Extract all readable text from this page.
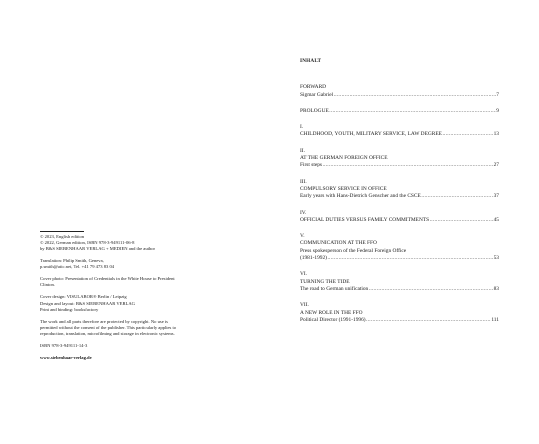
© 2023, English edition
© 2022, German edition, ISBN 978-3-949111-06-8
by B&S SIEBENHAAR VERLAG + MEDIEN and the author
Translation: Philip Smith, Geneva,
p.smith@atic.net, Tel. +41 79 473 83 04
Cover photo: Presentation of Credentials in the White House to President
Clinton.
Cover design: VISULABOR® Berlin / Leipzig
Design and layout: B&S SIEBENHAAR VERLAG
Print and binding: booksfactory
The work and all parts therefore are protected by copyright. No use is
permitted without the consent of the publisher. This particularly applies to
reproduction, translation, microfilming and storage in electronic systems.
ISBN 978-3-949111-14-3
www.siebenhaar-verlag.de
INHALT
FORWARD
Sigmar Gabriel .....	7
PROLOGUE .....	9
I.
CHILDHOOD, YOUTH, MILITARY SERVICE, LAW DEGREE .....	13
II.
AT THE GERMAN FOREIGN OFFICE
First steps .....	27
III.
COMPULSORY SERVICE IN OFFICE
Early years with Hans-Dietrich Genscher and the CSCE .....	37
IV.
OFFICIAL DUTIES VERSUS FAMILY COMMITMENTS .....	45
V.
COMMUNICATION AT THE FFO
Press spokesperson of the Federal Foreign Office
(1981-1992) .....	53
VI.
TURNING THE TIDE
The road to German unification .....	83
VII.
A NEW ROLE IN THE FFO
Political Director (1991-1996) .....	111
